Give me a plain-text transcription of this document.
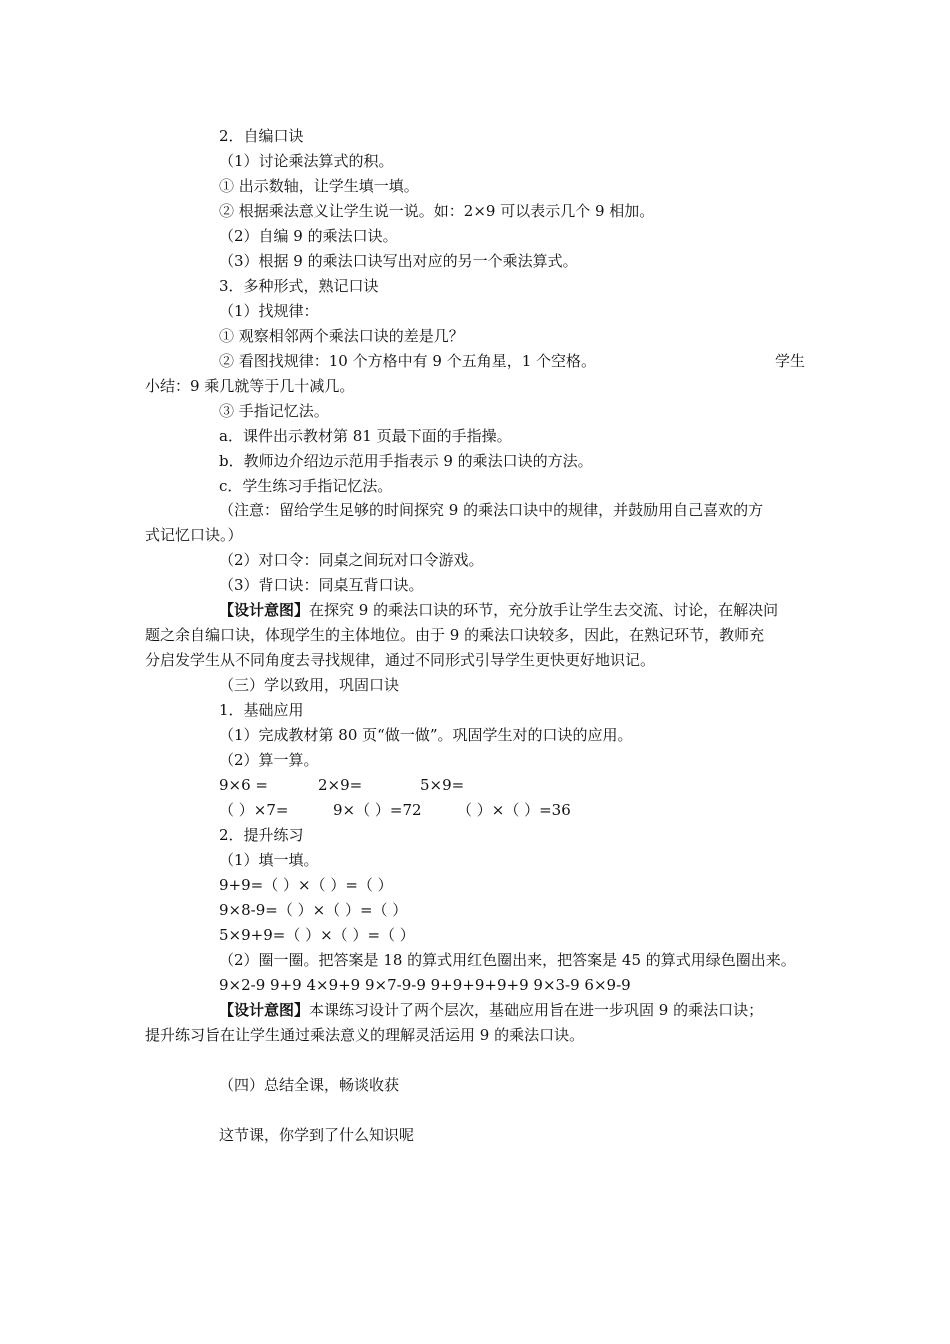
2．自编口诀
（1）讨论乘法算式的积。
① 出示数轴，让学生填一填。
② 根据乘法意义让学生说一说。如：2×9 可以表示几个 9 相加。
（2）自编 9 的乘法口诀。
（3）根据 9 的乘法口诀写出对应的另一个乘法算式。
3．多种形式，熟记口诀
（1）找规律：
① 观察相邻两个乘法口诀的差是几？
② 看图找规律：10 个方格中有 9 个五角星，1 个空格。	学生
小结：9 乘几就等于几十减几。
③ 手指记忆法。
a．课件出示教材第 81 页最下面的手指操。
b．教师边介绍边示范用手指表示 9 的乘法口诀的方法。
c．学生练习手指记忆法。
（注意：留给学生足够的时间探究 9 的乘法口诀中的规律，并鼓励用自己喜欢的方
式记忆口诀。）
（2）对口令：同桌之间玩对口令游戏。
（3）背口诀：同桌互背口诀。
【设计意图】在探究 9 的乘法口诀的环节，充分放手让学生去交流、讨论，在解决问
题之余自编口诀，体现学生的主体地位。由于 9 的乘法口诀较多，因此，在熟记环节，教师充
分启发学生从不同角度去寻找规律，通过不同形式引导学生更快更好地识记。
（三）学以致用，巩固口诀
1．基础应用
（1）完成教材第 80 页“做一做”。巩固学生对的口诀的应用。
（2）算一算。
9×6 =	2×9=	5×9=
（ ）×7=	9×（ ）=72 （ ）×（ ）=36
2．提升练习
（1）填一填。
9+9=（ ）×（ ）=（ ）
9×8-9=（ ）×（ ）=（ ）
5×9+9=（ ）×（ ）=（ ）
（2）圈一圈。把答案是 18 的算式用红色圈出来，把答案是 45 的算式用绿色圈出来。
9×2-9 9+9 4×9+9 9×7-9-9 9+9+9+9+9 9×3-9 6×9-9
【设计意图】本课练习设计了两个层次，基础应用旨在进一步巩固 9 的乘法口诀；
提升练习旨在让学生通过乘法意义的理解灵活运用 9 的乘法口诀。
（四）总结全课，畅谈收获
这节课，你学到了什么知识呢
